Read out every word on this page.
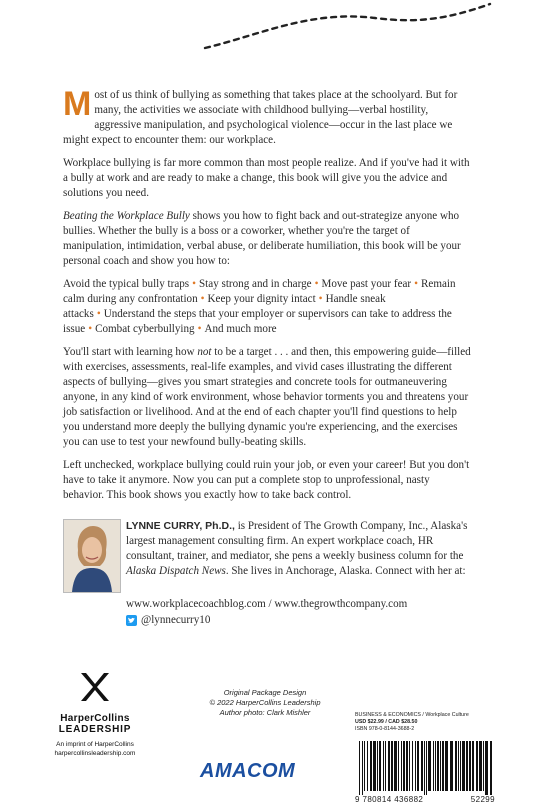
Most of us think of bullying as something that takes place at the schoolyard. But for many, the activities we associate with childhood bullying—verbal hostility, aggressive manipulation, and psychological violence—occur in the last place we might expect to encounter them: our workplace.

Workplace bullying is far more common than most people realize. And if you've had it with a bully at work and are ready to make a change, this book will give you the advice and solutions you need.

Beating the Workplace Bully shows you how to fight back and out-strategize anyone who bullies. Whether the bully is a boss or a coworker, whether you're the target of manipulation, intimidation, verbal abuse, or deliberate humiliation, this book will be your personal coach and show you how to:

Avoid the typical bully traps • Stay strong and in charge • Move past your fear • Remain calm during any confrontation • Keep your dignity intact • Handle sneak attacks • Understand the steps that your employer or supervisors can take to address the issue • Combat cyberbullying • And much more

You'll start with learning how not to be a target . . . and then, this empowering guide—filled with exercises, assessments, real-life examples, and vivid cases illustrating the different aspects of bullying—gives you smart strategies and concrete tools for outmaneuvering anyone, in any kind of work environment, whose behavior torments you and threatens your job satisfaction or livelihood. And at the end of each chapter you'll find questions to help you understand more deeply the bullying dynamic you're experiencing, and the exercises you can use to test your newfound bully-beating skills.

Left unchecked, workplace bullying could ruin your job, or even your career! But you don't have to take it anymore. Now you can put a complete stop to unprofessional, nasty behavior. This book shows you exactly how to take back control.

LYNNE CURRY, Ph.D., is President of The Growth Company, Inc., Alaska's largest management consulting firm. An expert workplace coach, HR consultant, trainer, and mediator, she pens a weekly business column for the Alaska Dispatch News. She lives in Anchorage, Alaska. Connect with her at:
www.workplacecoachblog.com / www.thegrowthcompany.com
@lynnecurry10
HarperCollins
LEADERSHIP
An imprint of HarperCollins
harpercollinsleadership.com
Original Package Design
© 2022 HarperCollins Leadership
Author photo: Clark Mishler
AMACOM
BUSINESS & ECONOMICS / Workplace Culture
USD $22.99 / CAD $28.50
ISBN 978-0-8144-3688-2
9 780814 436882	52299
